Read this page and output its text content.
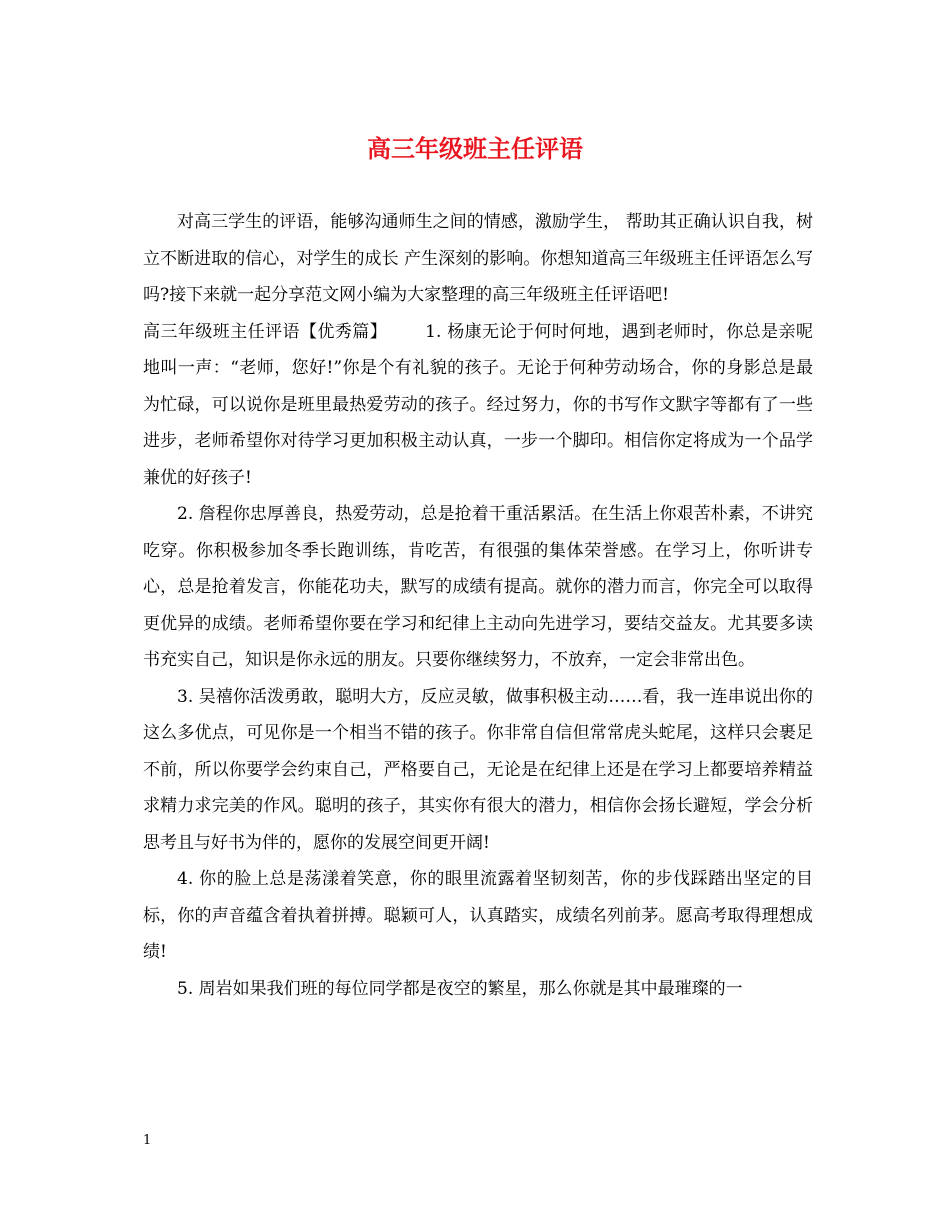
高三年级班主任评语

对高三学生的评语，能够沟通师生之间的情感，激励学生， 帮助其正确认识自我，树立不断进取的信心，对学生的成长 产生深刻的影响。你想知道高三年级班主任评语怎么写吗?接下来就一起分享范文网小编为大家整理的高三年级班主任评语吧!

高三年级班主任评语【优秀篇】 1. 杨康无论于何时何地，遇到老师时，你总是亲呢地叫一声：“老师，您好!”你是个有礼貌的孩子。无论于何种劳动场合，你的身影总是最为忙碌，可以说你是班里最热爱劳动的孩子。经过努力，你的书写作文默字等都有了一些进步，老师希望你对待学习更加积极主动认真，一步一个脚印。相信你定将成为一个品学兼优的好孩子!

2. 詹程你忠厚善良，热爱劳动，总是抢着干重活累活。在生活上你艰苦朴素，不讲究吃穿。你积极参加冬季长跑训练，肯吃苦，有很强的集体荣誉感。在学习上，你听讲专心，总是抢着发言，你能花功夫，默写的成绩有提高。就你的潜力而言，你完全可以取得更优异的成绩。老师希望你要在学习和纪律上主动向先进学习，要结交益友。尤其要多读书充实自己，知识是你永远的朋友。只要你继续努力，不放弃，一定会非常出色。

3. 吴禧你活泼勇敢，聪明大方，反应灵敏，做事积极主动……看，我一连串说出你的这么多优点，可见你是一个相当不错的孩子。你非常自信但常常虎头蛇尾，这样只会裹足不前，所以你要学会约束自己，严格要自己，无论是在纪律上还是在学习上都要培养精益求精力求完美的作风。聪明的孩子，其实你有很大的潜力，相信你会扬长避短，学会分析思考且与好书为伴的，愿你的发展空间更开阔!

4. 你的脸上总是荡漾着笑意，你的眼里流露着坚韧刻苦，你的步伐踩踏出坚定的目标，你的声音蕴含着执着拼搏。聪颖可人，认真踏实，成绩名列前茅。愿高考取得理想成绩!

5. 周岩如果我们班的每位同学都是夜空的繁星，那么你就是其中最璀璨的一

1
